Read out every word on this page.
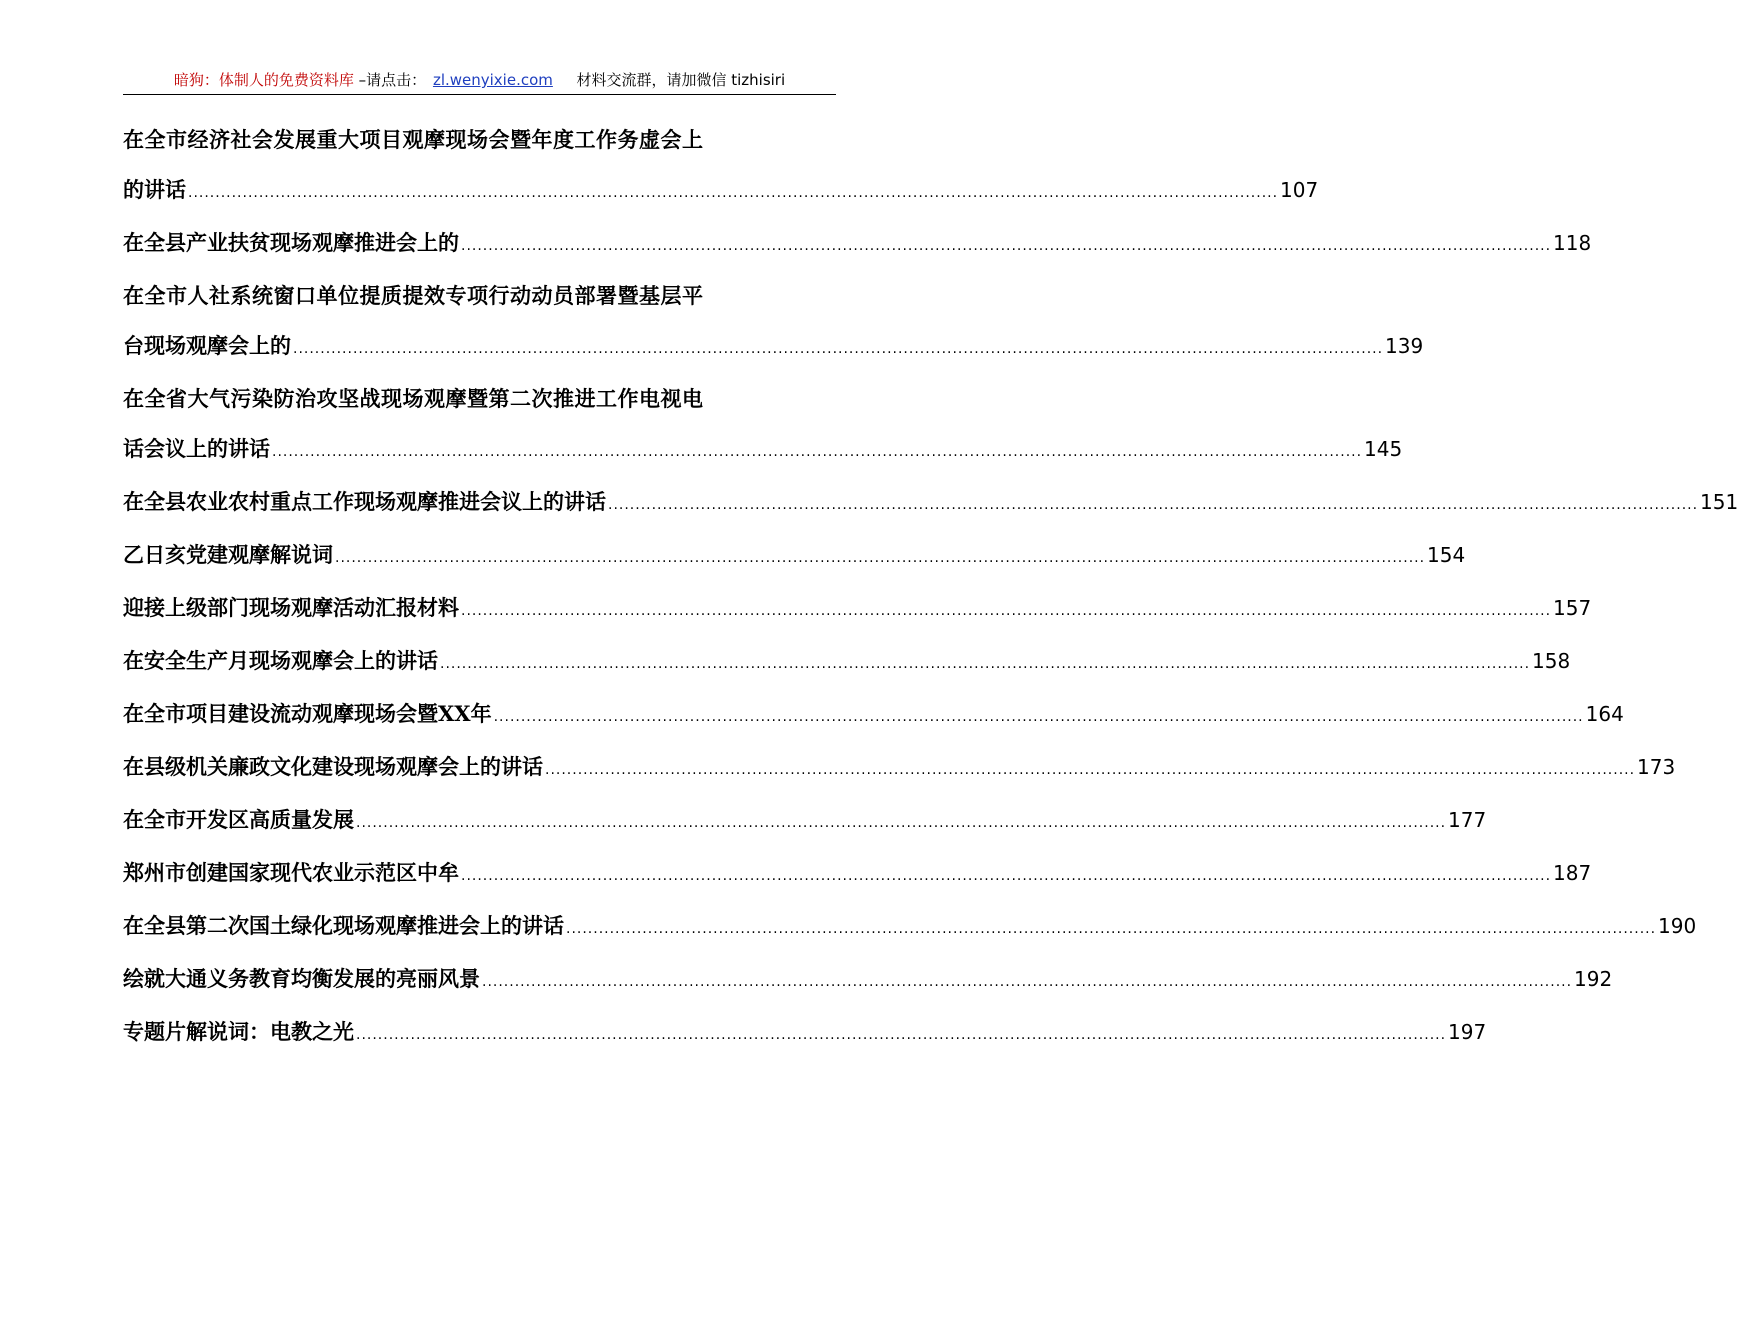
暗狗：体制人的免费资料库 –请点击： zl.wenyixie.com 材料交流群，请加微信 tizhisiri
在全市经济社会发展重大项目观摩现场会暨年度工作务虚会上
的讲话 ........................................................................................................................................................................................................ 107
在全县产业扶贫现场观摩推进会上的 ........................................................................................................................................................................................................ 118
在全市人社系统窗口单位提质提效专项行动动员部署暨基层平
台现场观摩会上的 ........................................................................................................................................................................................................ 139
在全省大气污染防治攻坚战现场观摩暨第二次推进工作电视电
话会议上的讲话 ........................................................................................................................................................................................................ 145
在全县农业农村重点工作现场观摩推进会议上的讲话 ........................................................................................................................................................................................................ 151
乙日亥党建观摩解说词 ........................................................................................................................................................................................................ 154
迎接上级部门现场观摩活动汇报材料 ........................................................................................................................................................................................................ 157
在安全生产月现场观摩会上的讲话 ........................................................................................................................................................................................................ 158
在全市项目建设流动观摩现场会暨XX年 ........................................................................................................................................................................................................ 164
在县级机关廉政文化建设现场观摩会上的讲话 ........................................................................................................................................................................................................ 173
在全市开发区高质量发展 ........................................................................................................................................................................................................ 177
郑州市创建国家现代农业示范区中牟 ........................................................................................................................................................................................................ 187
在全县第二次国土绿化现场观摩推进会上的讲话 ........................................................................................................................................................................................................ 190
绘就大通义务教育均衡发展的亮丽风景 ........................................................................................................................................................................................................ 192
专题片解说词：电教之光 ........................................................................................................................................................................................................ 197
